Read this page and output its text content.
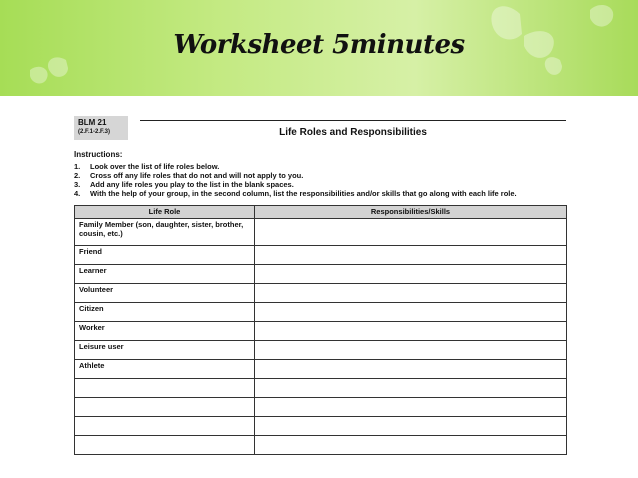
Worksheet 5minutes
BLM 21
(2.F.1-2.F.3)	Life Roles and Responsibilities
Instructions:
1.	Look over the list of life roles below.
2.	Cross off any life roles that do not and will not apply to you.
3.	Add any life roles you play to the list in the blank spaces.
4.	With the help of your group, in the second column, list the responsibilities and/or skills that go along with each life role.
Life Role	Responsibilities/Skills
Family Member (son, daughter, sister, brother, cousin, etc.)	
Friend	
Learner	
Volunteer	
Citizen	
Worker	
Leisure user	
Athlete	
